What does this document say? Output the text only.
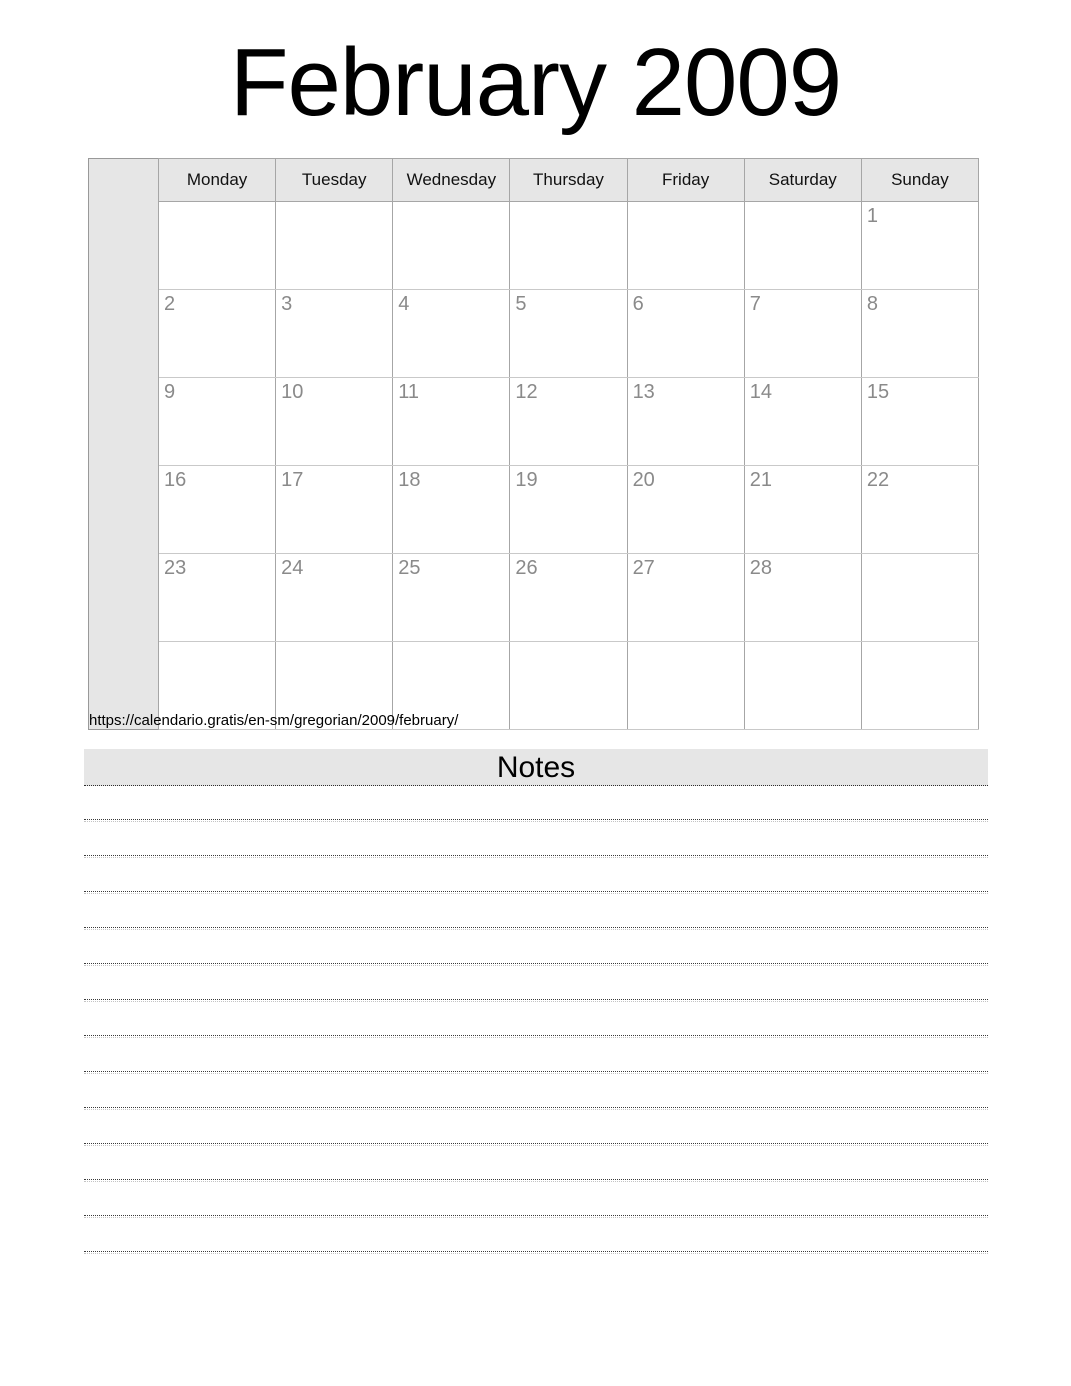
February 2009
	Monday	Tuesday	Wednesday	Thursday	Friday	Saturday	Sunday
							1
	2	3	4	5	6	7	8
	9	10	11	12	13	14	15
	16	17	18	19	20	21	22
	23	24	25	26	27	28	

https://calendario.gratis/en-sm/gregorian/2009/february/
Notes
